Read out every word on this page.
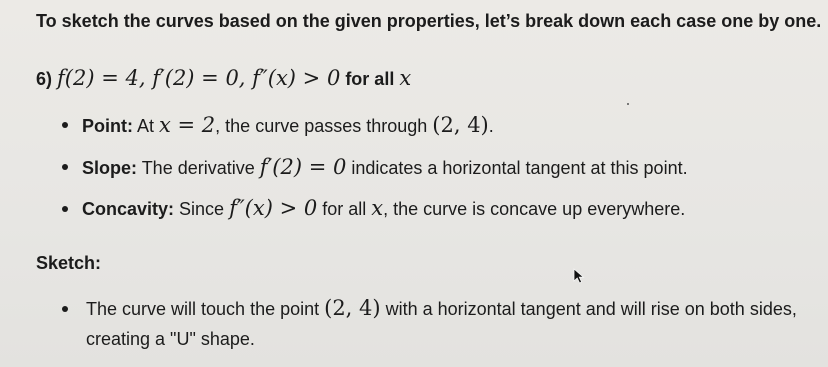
To sketch the curves based on the given properties, let’s break down each case one by one.
6) f(2) = 4, f′(2) = 0, f″(x) > 0 for all x
Point: At x = 2, the curve passes through (2, 4).
Slope: The derivative f′(2) = 0 indicates a horizontal tangent at this point.
Concavity: Since f″(x) > 0 for all x, the curve is concave up everywhere.
Sketch:
The curve will touch the point (2, 4) with a horizontal tangent and will rise on both sides,
creating a "U" shape.
